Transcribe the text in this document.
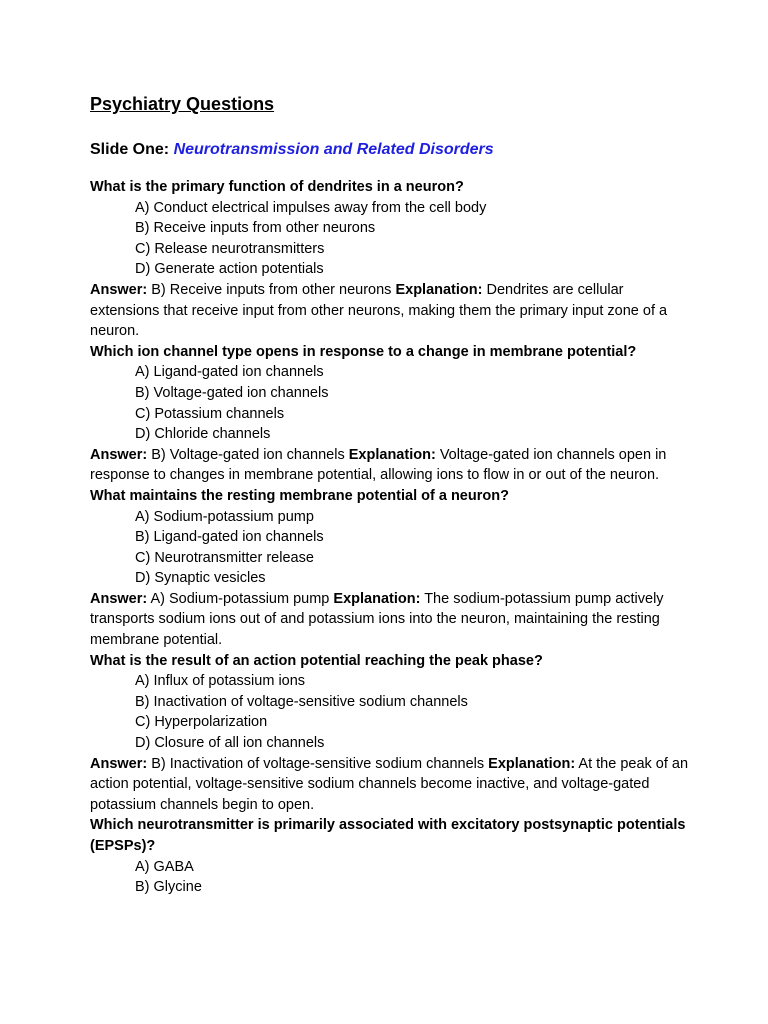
Psychiatry Questions
Slide One: Neurotransmission and Related Disorders
What is the primary function of dendrites in a neuron?
A) Conduct electrical impulses away from the cell body
B) Receive inputs from other neurons
C) Release neurotransmitters
D) Generate action potentials
Answer: B) Receive inputs from other neurons Explanation: Dendrites are cellular extensions that receive input from other neurons, making them the primary input zone of a neuron.
Which ion channel type opens in response to a change in membrane potential?
A) Ligand-gated ion channels
B) Voltage-gated ion channels
C) Potassium channels
D) Chloride channels
Answer: B) Voltage-gated ion channels Explanation: Voltage-gated ion channels open in response to changes in membrane potential, allowing ions to flow in or out of the neuron.
What maintains the resting membrane potential of a neuron?
A) Sodium-potassium pump
B) Ligand-gated ion channels
C) Neurotransmitter release
D) Synaptic vesicles
Answer: A) Sodium-potassium pump Explanation: The sodium-potassium pump actively transports sodium ions out of and potassium ions into the neuron, maintaining the resting membrane potential.
What is the result of an action potential reaching the peak phase?
A) Influx of potassium ions
B) Inactivation of voltage-sensitive sodium channels
C) Hyperpolarization
D) Closure of all ion channels
Answer: B) Inactivation of voltage-sensitive sodium channels Explanation: At the peak of an action potential, voltage-sensitive sodium channels become inactive, and voltage-gated potassium channels begin to open.
Which neurotransmitter is primarily associated with excitatory postsynaptic potentials (EPSPs)?
A) GABA
B) Glycine
